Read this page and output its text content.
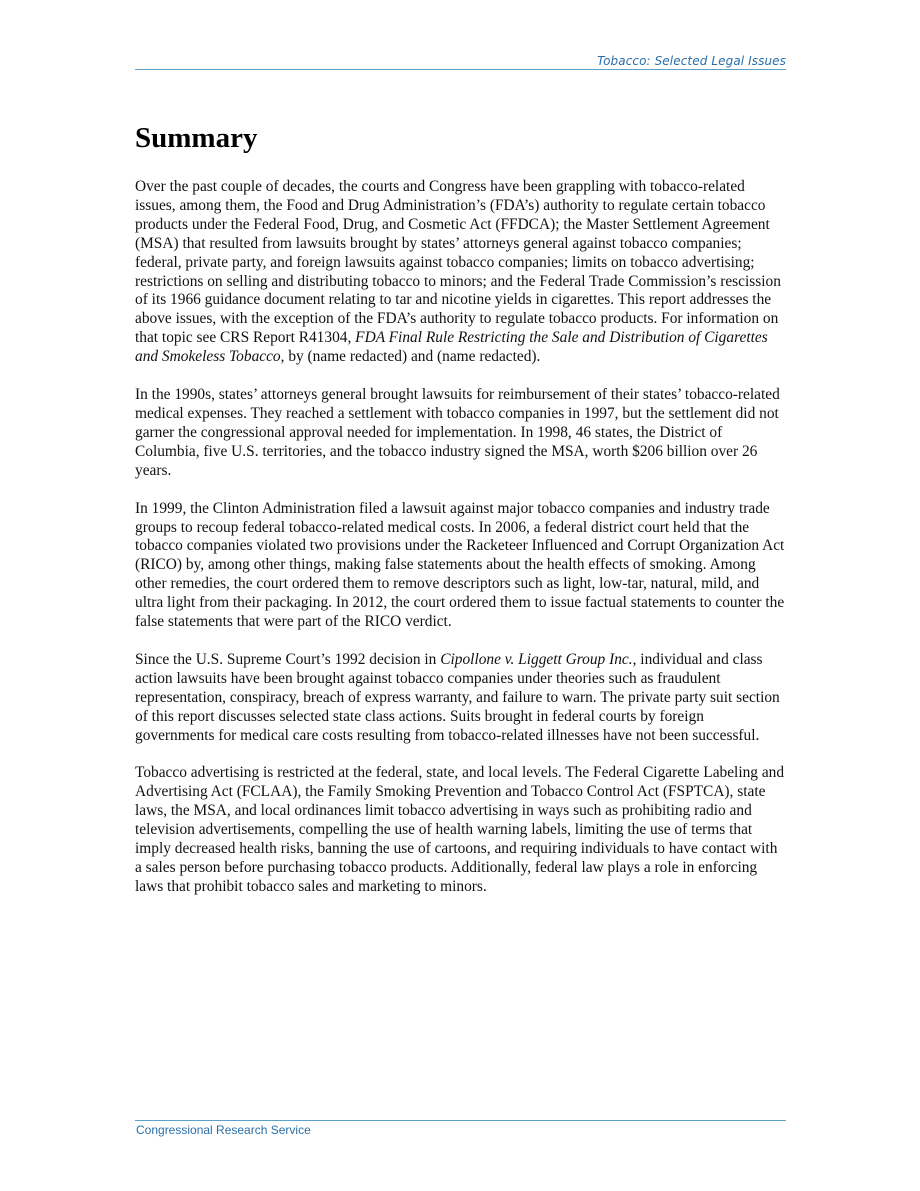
Tobacco: Selected Legal Issues
Summary

Over the past couple of decades, the courts and Congress have been grappling with tobacco-related issues, among them, the Food and Drug Administration’s (FDA’s) authority to regulate certain tobacco products under the Federal Food, Drug, and Cosmetic Act (FFDCA); the Master Settlement Agreement (MSA) that resulted from lawsuits brought by states’ attorneys general against tobacco companies; federal, private party, and foreign lawsuits against tobacco companies; limits on tobacco advertising; restrictions on selling and distributing tobacco to minors; and the Federal Trade Commission’s rescission of its 1966 guidance document relating to tar and nicotine yields in cigarettes. This report addresses the above issues, with the exception of the FDA’s authority to regulate tobacco products. For information on that topic see CRS Report R41304, FDA Final Rule Restricting the Sale and Distribution of Cigarettes and Smokeless Tobacco, by (name redacted) and (name redacted).

In the 1990s, states’ attorneys general brought lawsuits for reimbursement of their states’ tobacco-related medical expenses. They reached a settlement with tobacco companies in 1997, but the settlement did not garner the congressional approval needed for implementation. In 1998, 46 states, the District of Columbia, five U.S. territories, and the tobacco industry signed the MSA, worth $206 billion over 26 years.

In 1999, the Clinton Administration filed a lawsuit against major tobacco companies and industry trade groups to recoup federal tobacco-related medical costs. In 2006, a federal district court held that the tobacco companies violated two provisions under the Racketeer Influenced and Corrupt Organization Act (RICO) by, among other things, making false statements about the health effects of smoking. Among other remedies, the court ordered them to remove descriptors such as light, low-tar, natural, mild, and ultra light from their packaging. In 2012, the court ordered them to issue factual statements to counter the false statements that were part of the RICO verdict.

Since the U.S. Supreme Court’s 1992 decision in Cipollone v. Liggett Group Inc., individual and class action lawsuits have been brought against tobacco companies under theories such as fraudulent representation, conspiracy, breach of express warranty, and failure to warn. The private party suit section of this report discusses selected state class actions. Suits brought in federal courts by foreign governments for medical care costs resulting from tobacco-related illnesses have not been successful.

Tobacco advertising is restricted at the federal, state, and local levels. The Federal Cigarette Labeling and Advertising Act (FCLAA), the Family Smoking Prevention and Tobacco Control Act (FSPTCA), state laws, the MSA, and local ordinances limit tobacco advertising in ways such as prohibiting radio and television advertisements, compelling the use of health warning labels, limiting the use of terms that imply decreased health risks, banning the use of cartoons, and requiring individuals to have contact with a sales person before purchasing tobacco products. Additionally, federal law plays a role in enforcing laws that prohibit tobacco sales and marketing to minors.

Congressional Research Service
